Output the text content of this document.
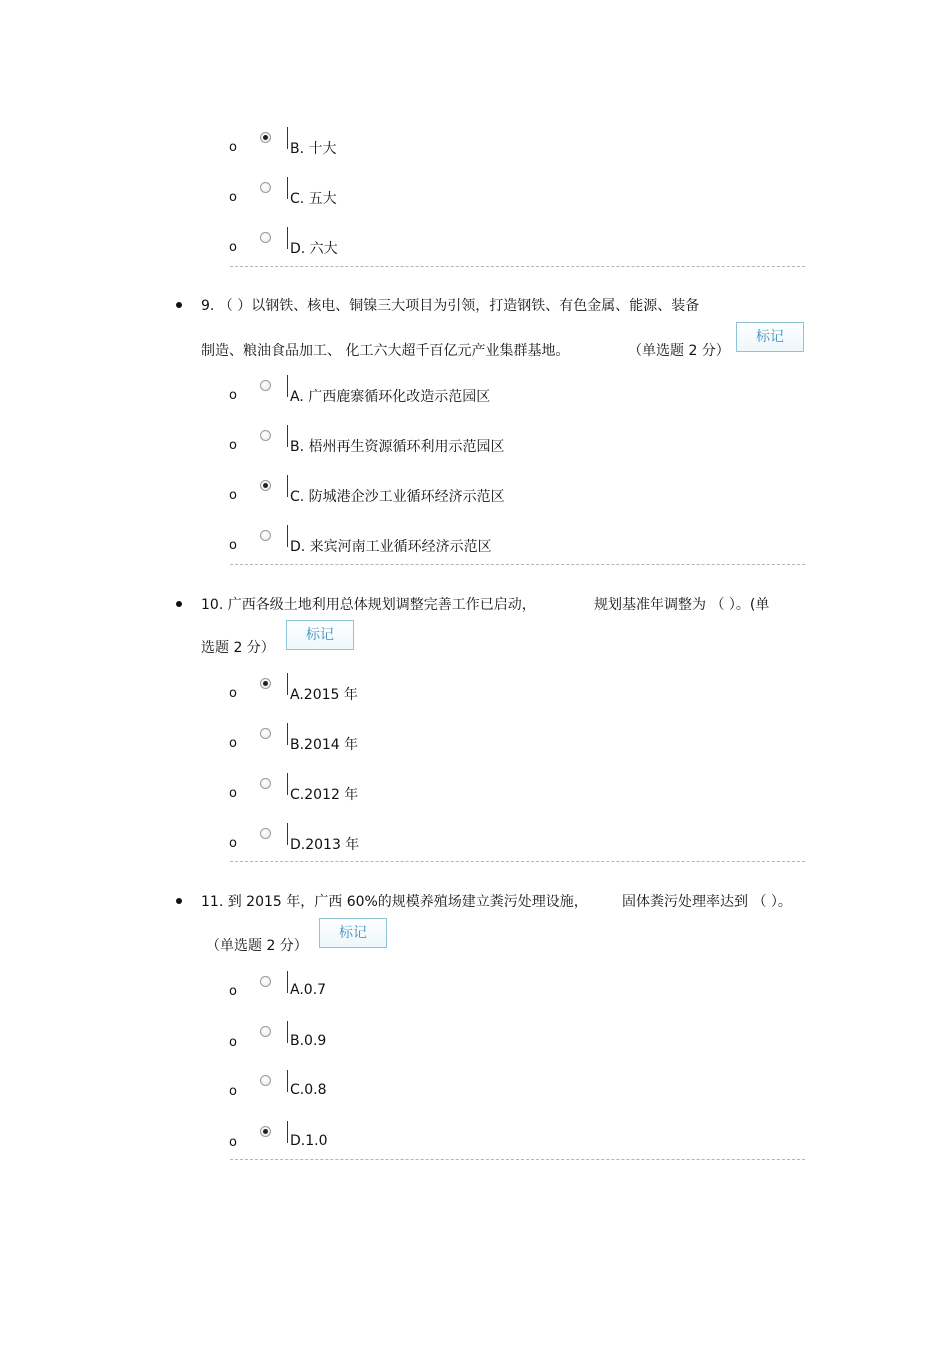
o	B. 十大
o	C. 五大
o	D. 六大
9. （ ）以钢铁、核电、铜镍三大项目为引领，打造钢铁、有色金属、能源、装备
制造、粮油食品加工、 化工六大超千百亿元产业集群基地。	（单选题 2 分）
标记
o	A. 广西鹿寨循环化改造示范园区
o	B. 梧州再生资源循环利用示范园区
o	C. 防城港企沙工业循环经济示范区
o	D. 来宾河南工业循环经济示范区
10. 广西各级土地利用总体规划调整完善工作已启动，	规划基准年调整为 （ ）。(单
选题 2 分）
标记
o	A.2015 年
o	B.2014 年
o	C.2012 年
o	D.2013 年
11. 到 2015 年，广西 60%的规模养殖场建立粪污处理设施， 固体粪污处理率达到 （ ）。
（单选题 2 分）
标记
o	A.0.7
o	B.0.9
o	C.0.8
o	D.1.0
